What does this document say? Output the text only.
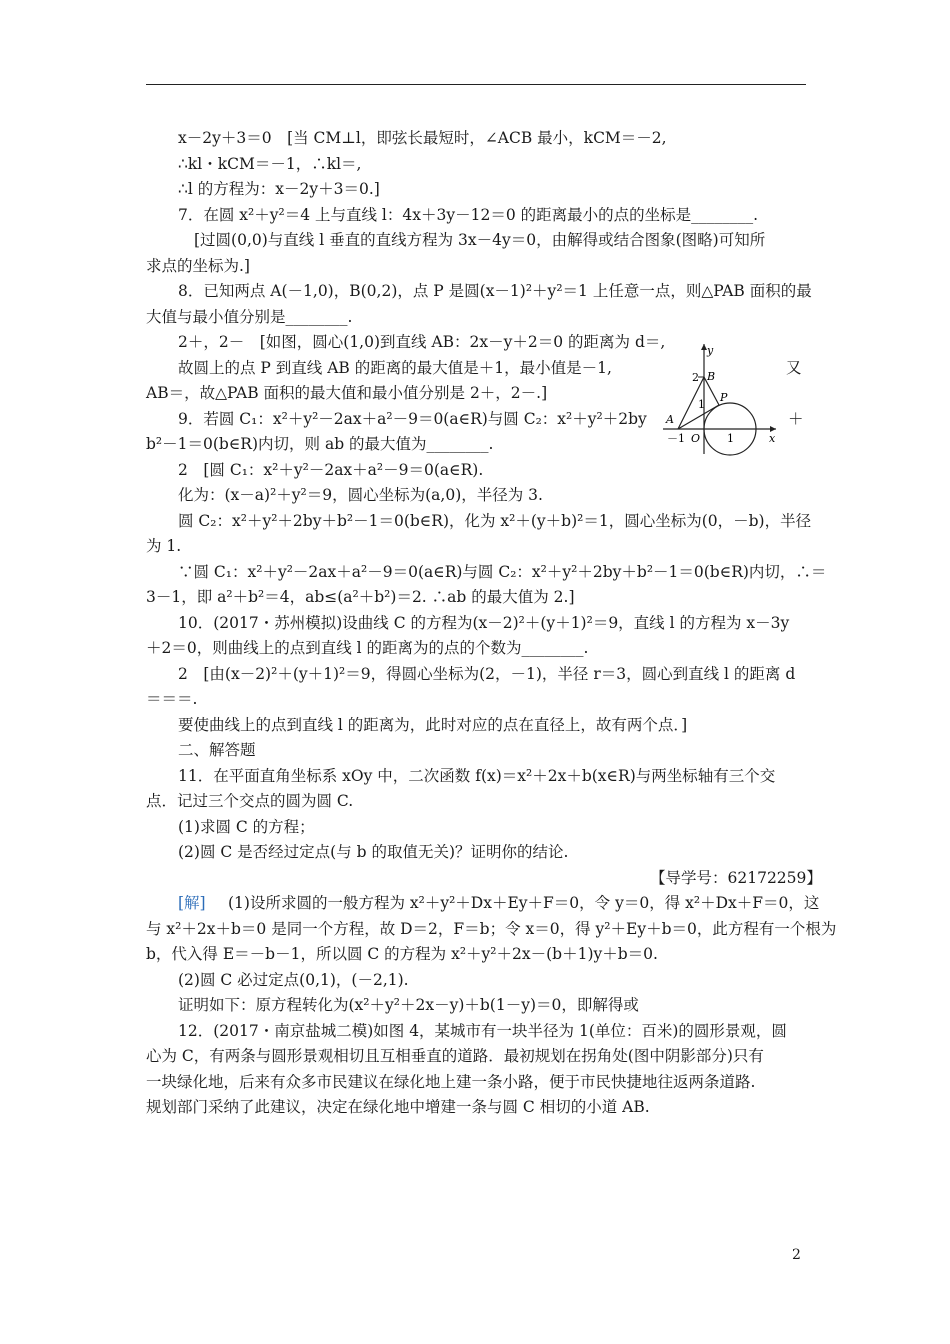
x－2y＋3＝0　[当 CM⊥l，即弦长最短时，∠ACB 最小，kCM＝－2,
∴kl・kCM＝－1，∴kl＝,
∴l 的方程为：x－2y＋3＝0.]
7．在圆 x²＋y²＝4 上与直线 l：4x＋3y－12＝0 的距离最小的点的坐标是________.
[过圆(0,0)与直线 l 垂直的直线方程为 3x－4y＝0，由解得或结合图象(图略)可知所
求点的坐标为.]
8．已知两点 A(－1,0)，B(0,2)，点 P 是圆(x－1)²＋y²＝1 上任意一点，则△PAB 面积的最
大值与最小值分别是________.
2＋，2－　[如图，圆心(1,0)到直线 AB：2x－y＋2＝0 的距离为 d＝,
故圆上的点 P 到直线 AB 的距离的最大值是＋1，最小值是－1,	又
AB＝，故△PAB 面积的最大值和最小值分别是 2＋，2－.]
9．若圆 C₁：x²＋y²－2ax＋a²－9＝0(a∈R)与圆 C₂：x²＋y²＋2by	＋
b²－1＝0(b∈R)内切，则 ab 的最大值为________.
2　[圆 C₁：x²＋y²－2ax＋a²－9＝0(a∈R).
化为：(x－a)²＋y²＝9，圆心坐标为(a,0)，半径为 3.
圆 C₂：x²＋y²＋2by＋b²－1＝0(b∈R)，化为 x²＋(y＋b)²＝1，圆心坐标为(0，－b)，半径
为 1.
∵圆 C₁：x²＋y²－2ax＋a²－9＝0(a∈R)与圆 C₂：x²＋y²＋2by＋b²－1＝0(b∈R)内切，∴＝
3－1，即 a²＋b²＝4，ab≤(a²＋b²)＝2. ∴ab 的最大值为 2.]
10．(2017・苏州模拟)设曲线 C 的方程为(x－2)²＋(y＋1)²＝9，直线 l 的方程为 x－3y
＋2＝0，则曲线上的点到直线 l 的距离为的点的个数为________.
2　[由(x－2)²＋(y＋1)²＝9，得圆心坐标为(2，－1)，半径 r＝3，圆心到直线 l 的距离 d
＝＝＝.
要使曲线上的点到直线 l 的距离为，此时对应的点在直径上，故有两个点．]
二、解答题
11．在平面直角坐标系 xOy 中，二次函数 f(x)＝x²＋2x＋b(x∈R)与两坐标轴有三个交
点．记过三个交点的圆为圆 C.
(1)求圆 C 的方程；
(2)圆 C 是否经过定点(与 b 的取值无关)？证明你的结论.
【导学号：62172259】
[解] (1)设所求圆的一般方程为 x²＋y²＋Dx＋Ey＋F＝0，令 y＝0，得 x²＋Dx＋F＝0，这
与 x²＋2x＋b＝0 是同一个方程，故 D＝2，F＝b；令 x＝0，得 y²＋Ey＋b＝0，此方程有一个根为
b，代入得 E＝－b－1，所以圆 C 的方程为 x²＋y²＋2x－(b＋1)y＋b＝0.
(2)圆 C 必过定点(0,1)，(－2,1).
证明如下：原方程转化为(x²＋y²＋2x－y)＋b(1－y)＝0，即解得或
12．(2017・南京盐城二模)如图 4，某城市有一块半径为 1(单位：百米)的圆形景观，圆
心为 C，有两条与圆形景观相切且互相垂直的道路．最初规划在拐角处(图中阴影部分)只有
一块绿化地，后来有众多市民建议在绿化地上建一条小路，便于市民快捷地往返两条道路.
规划部门采纳了此建议，决定在绿化地中增建一条与圆 C 相切的小道 AB.
y
2 B
P
1
A
－1 O 1	x
2
